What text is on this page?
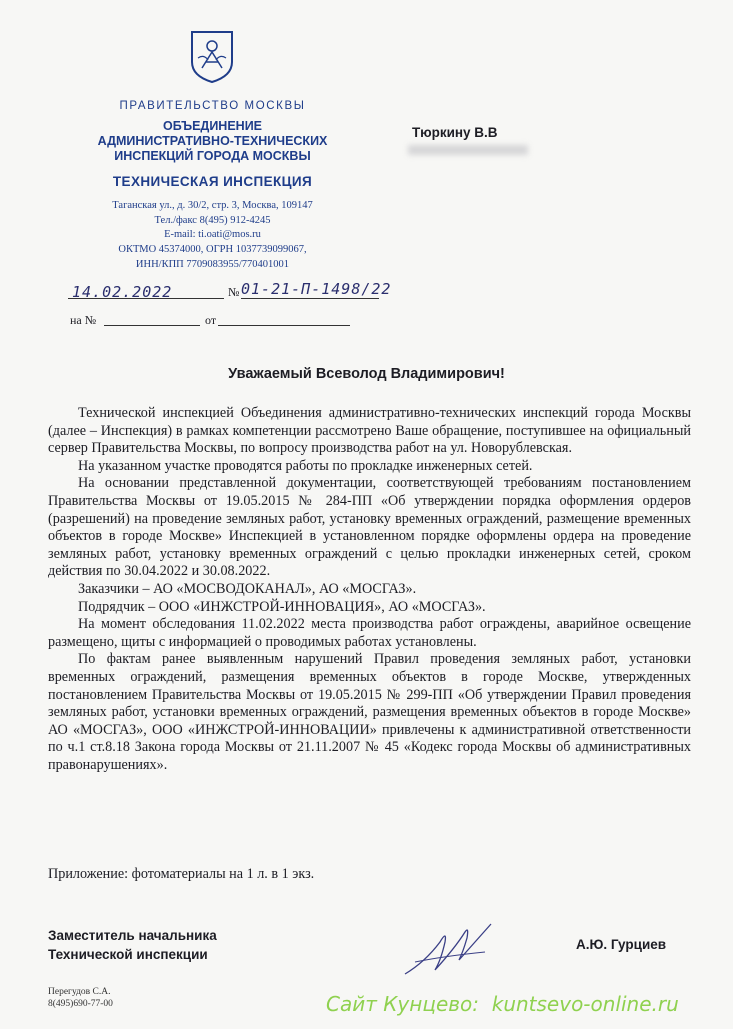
ПРАВИТЕЛЬСТВО МОСКВЫ
ОБЪЕДИНЕНИЕ
АДМИНИСТРАТИВНО-ТЕХНИЧЕСКИХ
ИНСПЕКЦИЙ ГОРОДА МОСКВЫ
ТЕХНИЧЕСКАЯ ИНСПЕКЦИЯ
Таганская ул., д. 30/2, стр. 3, Москва, 109147
Тел./факс 8(495) 912-4245
E-mail: ti.oati@mos.ru
ОКТМО 45374000, ОГРН 1037739099067,
ИНН/КПП 7709083955/770401001
Тюркину В.В
14.02.2022	№ 01-21-П-1498/22
на №	от
Уважаемый Всеволод Владимирович!

Технической инспекцией Объединения административно-технических инспекций города Москвы (далее – Инспекция) в рамках компетенции рассмотрено Ваше обращение, поступившее на официальный сервер Правительства Москвы, по вопросу производства работ на ул. Новорублевская.

На указанном участке проводятся работы по прокладке инженерных сетей.

На основании представленной документации, соответствующей требованиям постановлением Правительства Москвы от 19.05.2015 № 284-ПП «Об утверждении порядка оформления ордеров (разрешений) на проведение земляных работ, установку временных ограждений, размещение временных объектов в городе Москве» Инспекцией в установленном порядке оформлены ордера на проведение земляных работ, установку временных ограждений с целью прокладки инженерных сетей, сроком действия по 30.04.2022 и 30.08.2022.

Заказчики – АО «МОСВОДОКАНАЛ», АО «МОСГАЗ».

Подрядчик – ООО «ИНЖСТРОЙ-ИННОВАЦИЯ», АО «МОСГАЗ».

На момент обследования 11.02.2022 места производства работ ограждены, аварийное освещение размещено, щиты с информацией о проводимых работах установлены.

По фактам ранее выявленным нарушений Правил проведения земляных работ, установки временных ограждений, размещения временных объектов в городе Москве, утвержденных постановлением Правительства Москвы от 19.05.2015 № 299-ПП «Об утверждении Правил проведения земляных работ, установки временных ограждений, размещения временных объектов в городе Москве» АО «МОСГАЗ», ООО «ИНЖСТРОЙ-ИННОВАЦИИ» привлечены к административной ответственности по ч.1 ст.8.18 Закона города Москвы от 21.11.2007 № 45 «Кодекс города Москвы об административных правонарушениях».

Приложение: фотоматериалы на 1 л. в 1 экз.
Заместитель начальника
Технической инспекции
А.Ю. Гурциев
Перегудов С.А.
8(495)690-77-00	Сайт Кунцево:  kuntsevo-online.ru
